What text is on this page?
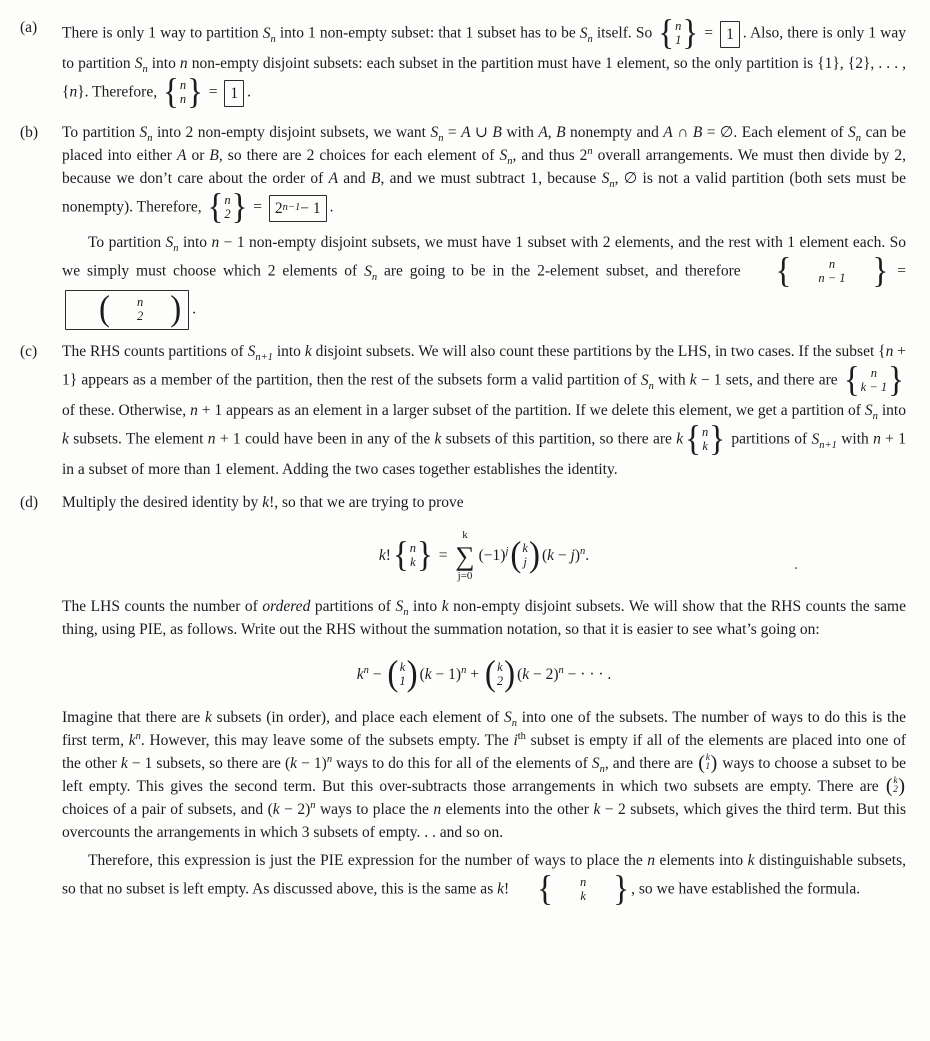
(a)	There is only 1 way to partition $S_n$ into 1 non-empty subset: that 1 subset has to be $S_n$ itself. So { n
1 } = 1 . Also, there is only 1 way to partition $S_n$ into n non-empty disjoint subsets: each subset in the partition must have 1 element, so the only partition is {1}, {2}, . . . , {n}. Therefore, { n
n } = 1 .

(b)	To partition $S_n$ into 2 non-empty disjoint subsets, we want $S_n = A$ ∪ B with A, B nonempty and A ∩ B = ∅. Each element of $S_n$ can be placed into either A or B, so there are 2 choices for each element of $S_n$, and thus 2$^n$ overall arrangements. We must then divide by 2, because we don’t care about the order of A and B, and we must subtract 1, because $S_n$, ∅ is not a valid partition (both sets must be nonempty). Therefore, { n
2 } = 2 n−1 − 1 .

To partition $S_n$ into n − 1 non-empty disjoint subsets, we must have 1 subset with 2 elements, and the rest with 1 element each. So we simply must choose which 2 elements of $S_n$ are going to be in the 2-element subset, and therefore {	n
n − 1 } =
(	n
2 ) .

(c)	The RHS counts partitions of $S_{n+1}$ into k disjoint subsets. We will also count these partitions by the LHS, in two cases. If the subset {n + 1} appears as a member of the partition, then the rest of the subsets form a valid partition of $S_n$ with k − 1 sets, and there are { n
k − 1 }
of these. Otherwise, n + 1 appears as an element in a larger subset of the partition. If we delete this element, we get a partition of $S_n$ into k subsets. The element n + 1 could have been in any of the k subsets of this partition, so there are k { n
k } partitions of $S_{n+1}$ with n + 1 in a subset of more than 1 element. Adding the two cases together establishes the identity.

(d)	Multiply the desired identity by k!, so that we are trying to prove

k! { n
k } =
k
∑
j=0
$(-1)^j$ ( k
j ) $(k - j)^n$.
.

The LHS counts the number of ordered partitions of $S_n$ into k non-empty disjoint subsets. We will show that the RHS counts the same thing, using PIE, as follows. Write out the RHS without the summation notation, so that it is easier to see what’s going on:

$k^n$ − ( k
1 ) $(k - 1)^n$ + ( k
2 ) $(k - 2)^n$ − · · · .

Imagine that there are k subsets (in order), and place each element of $S_n$ into one of the subsets. The number of ways to do this is the first term, $k^n$. However, this may leave some of the subsets empty. The $i^{th}$ subset is empty if all of the elements are placed into one of the other k − 1 subsets, so there are $(k - 1)^n$ ways to do this for all of the elements of $S_n$, and there are ( k
1 ) ways to choose a subset to be left empty. This gives the second term. But this over-subtracts those arrangements in which two subsets are empty. There are ( k
2 )
choices of a pair of subsets, and $(k - 2)^n$ ways to place the n elements into the other k − 2 subsets, which gives the third term. But this overcounts the arrangements in which 3 subsets of empty. . . and so on.

Therefore, this expression is just the PIE expression for the number of ways to place the n elements into k distinguishable subsets, so that no subset is left empty. As discussed above, this is the same as k! {	n
k } , so we have established the formula.
